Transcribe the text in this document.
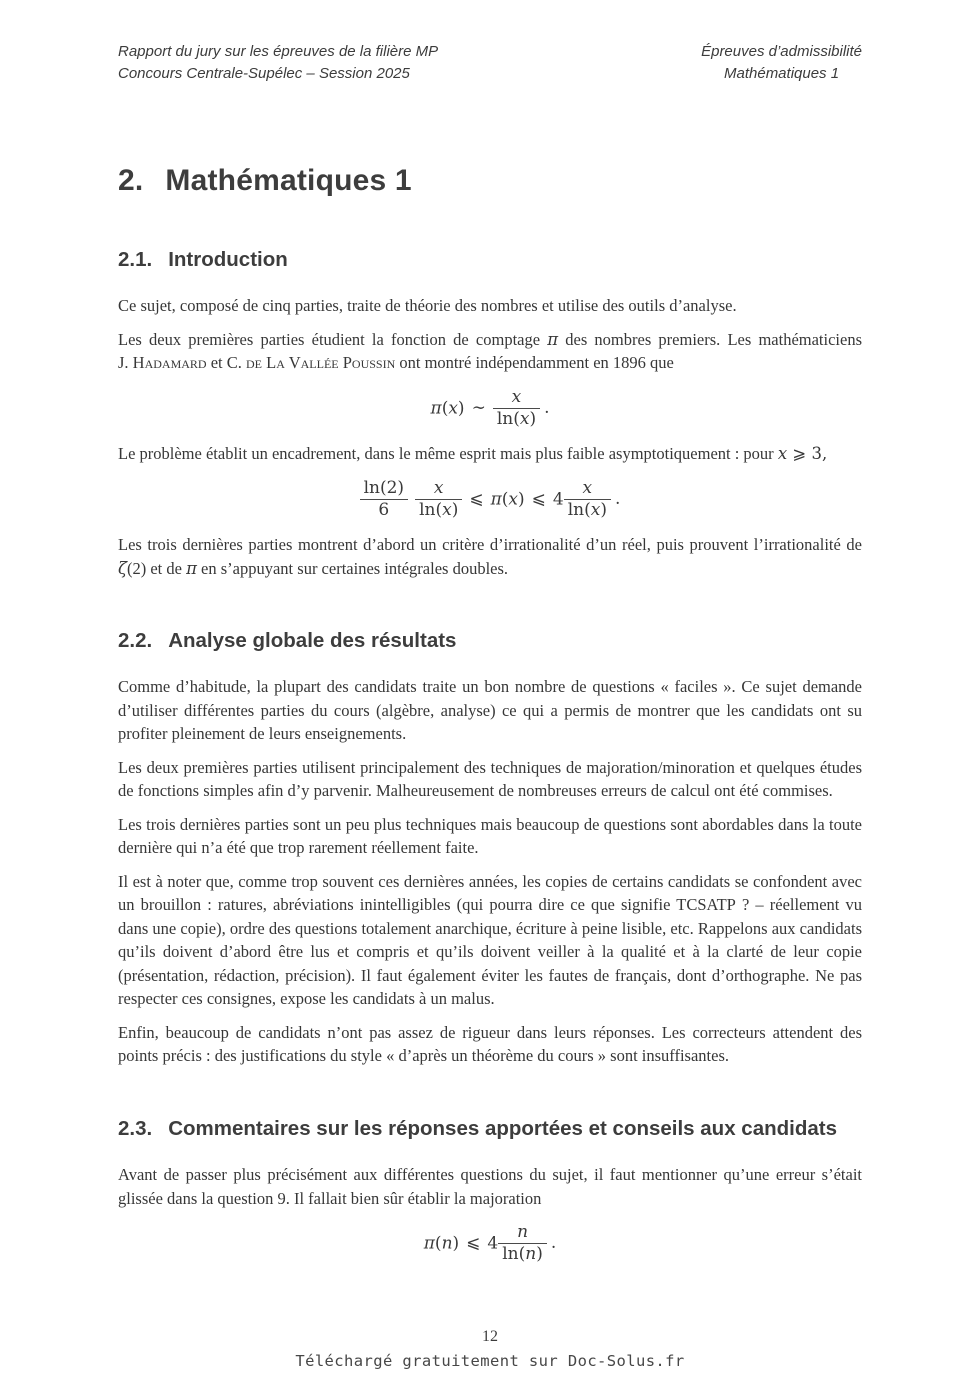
Rapport du jury sur les épreuves de la filière MP
Concours Centrale-Supélec – Session 2025
Épreuves d’admissibilité
Mathématiques 1
2. Mathématiques 1
2.1. Introduction

Ce sujet, composé de cinq parties, traite de théorie des nombres et utilise des outils d’analyse.

Les deux premières parties étudient la fonction de comptage π des nombres premiers. Les mathématiciens J. Hadamard et C. de La Vallée Poussin ont montré indépendamment en 1896 que

π(x) ∼ $\frac{x}{\ln(x)}$ .

Le problème établit un encadrement, dans le même esprit mais plus faible asymptotiquement : pour x ⩾ 3,

$\frac{\ln(2)}{6} \frac{x}{\ln(x)}$ ⩽ π(x) ⩽ $4 \frac{x}{\ln(x)}$ .

Les trois dernières parties montrent d’abord un critère d’irrationalité d’un réel, puis prouvent l’irrationalité de ζ(2) et de π en s’appuyant sur certaines intégrales doubles.

2.2. Analyse globale des résultats

Comme d’habitude, la plupart des candidats traite un bon nombre de questions « faciles ». Ce sujet demande d’utiliser différentes parties du cours (algèbre, analyse) ce qui a permis de montrer que les candidats ont su profiter pleinement de leurs enseignements.

Les deux premières parties utilisent principalement des techniques de majoration/minoration et quelques études de fonctions simples afin d’y parvenir. Malheureusement de nombreuses erreurs de calcul ont été commises.

Les trois dernières parties sont un peu plus techniques mais beaucoup de questions sont abordables dans la toute dernière qui n’a été que trop rarement réellement faite.

Il est à noter que, comme trop souvent ces dernières années, les copies de certains candidats se confondent avec un brouillon : ratures, abréviations inintelligibles (qui pourra dire ce que signifie TCSATP ? – réellement vu dans une copie), ordre des questions totalement anarchique, écriture à peine lisible, etc. Rappelons aux candidats qu’ils doivent d’abord être lus et compris et qu’ils doivent veiller à la qualité et à la clarté de leur copie (présentation, rédaction, précision). Il faut également éviter les fautes de français, dont d’orthographe. Ne pas respecter ces consignes, expose les candidats à un malus.

Enfin, beaucoup de candidats n’ont pas assez de rigueur dans leurs réponses. Les correcteurs attendent des points précis : des justifications du style « d’après un théorème du cours » sont insuffisantes.

2.3. Commentaires sur les réponses apportées et conseils aux candidats

Avant de passer plus précisément aux différentes questions du sujet, il faut mentionner qu’une erreur s’était glissée dans la question 9. Il fallait bien sûr établir la majoration

π(n) ⩽ $4 \frac{n}{\ln(n)}$ .
12
Téléchargé gratuitement sur Doc-Solus.fr
